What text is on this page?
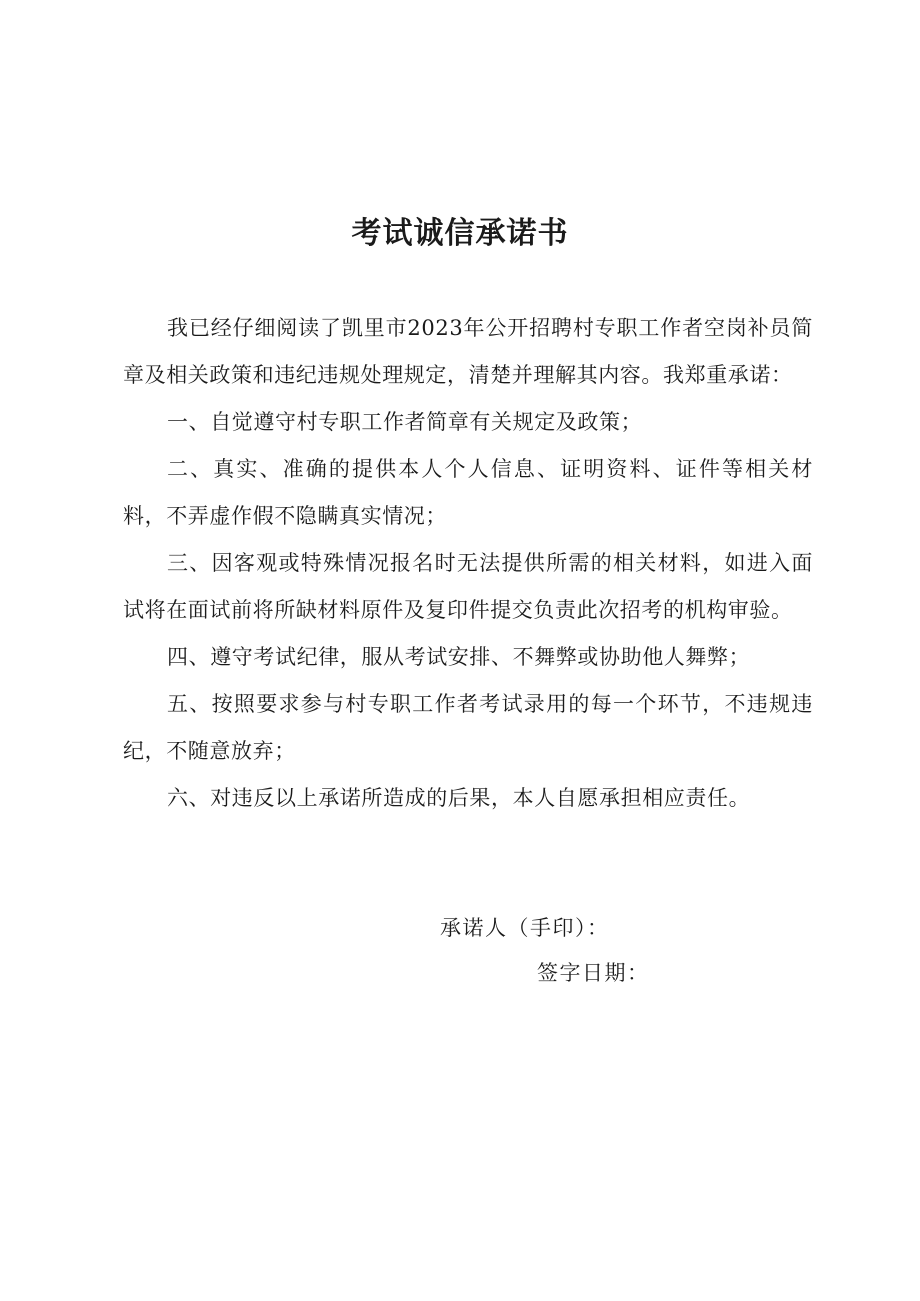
考试诚信承诺书

我已经仔细阅读了凯里市2023年公开招聘村专职工作者空岗补员简章及相关政策和违纪违规处理规定，清楚并理解其内容。我郑重承诺：

一、自觉遵守村专职工作者简章有关规定及政策；

二、真实、准确的提供本人个人信息、证明资料、证件等相关材料，不弄虚作假不隐瞒真实情况；

三、因客观或特殊情况报名时无法提供所需的相关材料，如进入面试将在面试前将所缺材料原件及复印件提交负责此次招考的机构审验。

四、遵守考试纪律，服从考试安排、不舞弊或协助他人舞弊；

五、按照要求参与村专职工作者考试录用的每一个环节，不违规违纪，不随意放弃；

六、对违反以上承诺所造成的后果，本人自愿承担相应责任。

承诺人（手印）：
签字日期：
